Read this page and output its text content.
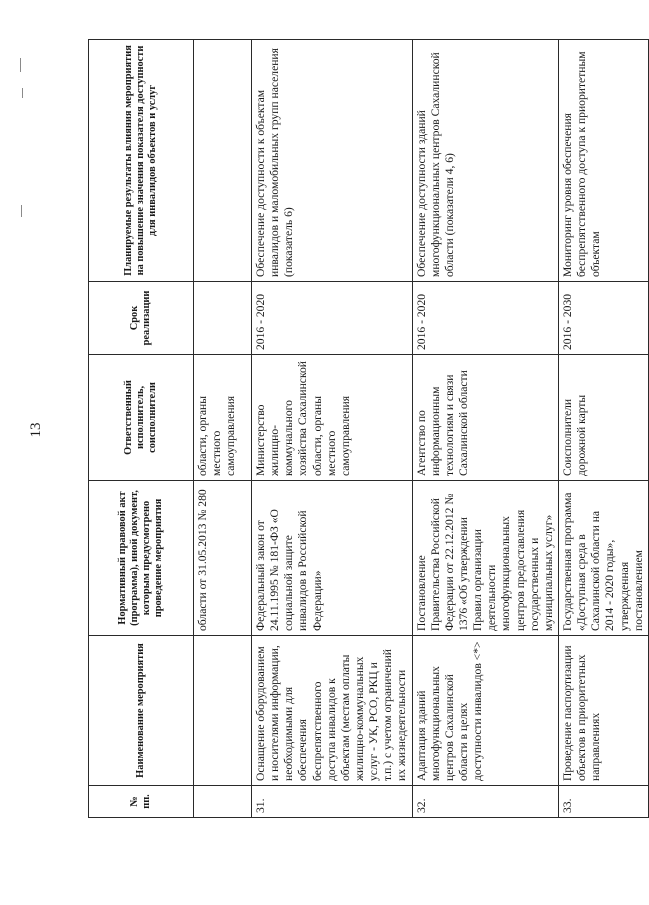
13
№ пп.	Наименование мероприятия	Нормативный правовой акт (программа), иной документ, которым предусмотрено проведение мероприятия	Ответственный исполнитель, соисполнители	Срок реализации	Планируемые результаты влияния мероприятия на повышение значения показателя доступности для инвалидов объектов и услуг
		области от 31.05.2013 № 280	области, органы местного самоуправления		
31.	Оснащение оборудованием и носителями информации, необходимыми для обеспечения беспрепятственного доступа инвалидов к объектам (местам оплаты жилищно-коммунальных услуг - УК, РСО, РКЦ и т.п.) с учетом ограничений их жизнедеятельности	Федеральный закон от 24.11.1995 № 181-ФЗ «О социальной защите инвалидов в Российской Федерации»	Министерство жилищно-коммунального хозяйства Сахалинской области, органы местного самоуправления	2016 - 2020	Обеспечение доступности к объектам инвалидов и маломобильных групп населения (показатель 6)
32.	Адаптация зданий многофункциональных центров Сахалинской области в целях доступности инвалидов <*>	Постановление Правительства Российской Федерации от 22.12.2012 № 1376 «Об утверждении Правил организации деятельности многофункциональных центров предоставления государственных и муниципальных услуг»	Агентство по информационным технологиям и связи Сахалинской области	2016 - 2020	Обеспечение доступности зданий многофункциональных центров Сахалинской области (показатели 4, 6)
33.	Проведение паспортизации объектов в приоритетных направлениях	Государственная программа «Доступная среда в Сахалинской области на 2014 - 2020 годы», утвержденная постановлением	Соисполнители дорожной карты	2016 - 2030	Мониторинг уровня обеспечения беспрепятственного доступа к приоритетным объектам
